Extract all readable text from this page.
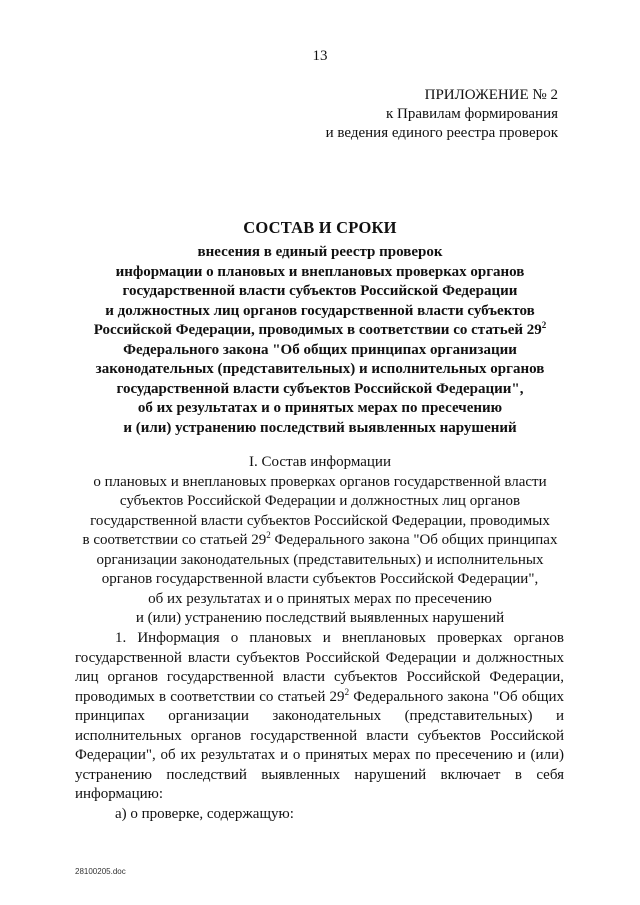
13
ПРИЛОЖЕНИЕ № 2
к Правилам формирования
и ведения единого реестра проверок
СОСТАВ И СРОКИ
внесения в единый реестр проверок
информации о плановых и внеплановых проверках органов
государственной власти субъектов Российской Федерации
и должностных лиц органов государственной власти субъектов
Российской Федерации, проводимых в соответствии со статьей $29^2$
Федерального закона "Об общих принципах организации
законодательных (представительных) и исполнительных органов
государственной власти субъектов Российской Федерации",
об их результатах и о принятых мерах по пресечению
и (или) устранению последствий выявленных нарушений
I. Состав информации
о плановых и внеплановых проверках органов государственной власти
субъектов Российской Федерации и должностных лиц органов
государственной власти субъектов Российской Федерации, проводимых
в соответствии со статьей $29^2$ Федерального закона "Об общих принципах
организации законодательных (представительных) и исполнительных
органов государственной власти субъектов Российской Федерации",
об их результатах и о принятых мерах по пресечению
и (или) устранению последствий выявленных нарушений

1. Информация о плановых и внеплановых проверках органов государственной власти субъектов Российской Федерации и должностных лиц органов государственной власти субъектов Российской Федерации, проводимых в соответствии со статьей $29^2$ Федерального закона "Об общих принципах организации законодательных (представительных) и исполнительных органов государственной власти субъектов Российской Федерации", об их результатах и о принятых мерах по пресечению и (или) устранению последствий выявленных нарушений включает в себя информацию:

а) о проверке, содержащую:

28100205.doc
